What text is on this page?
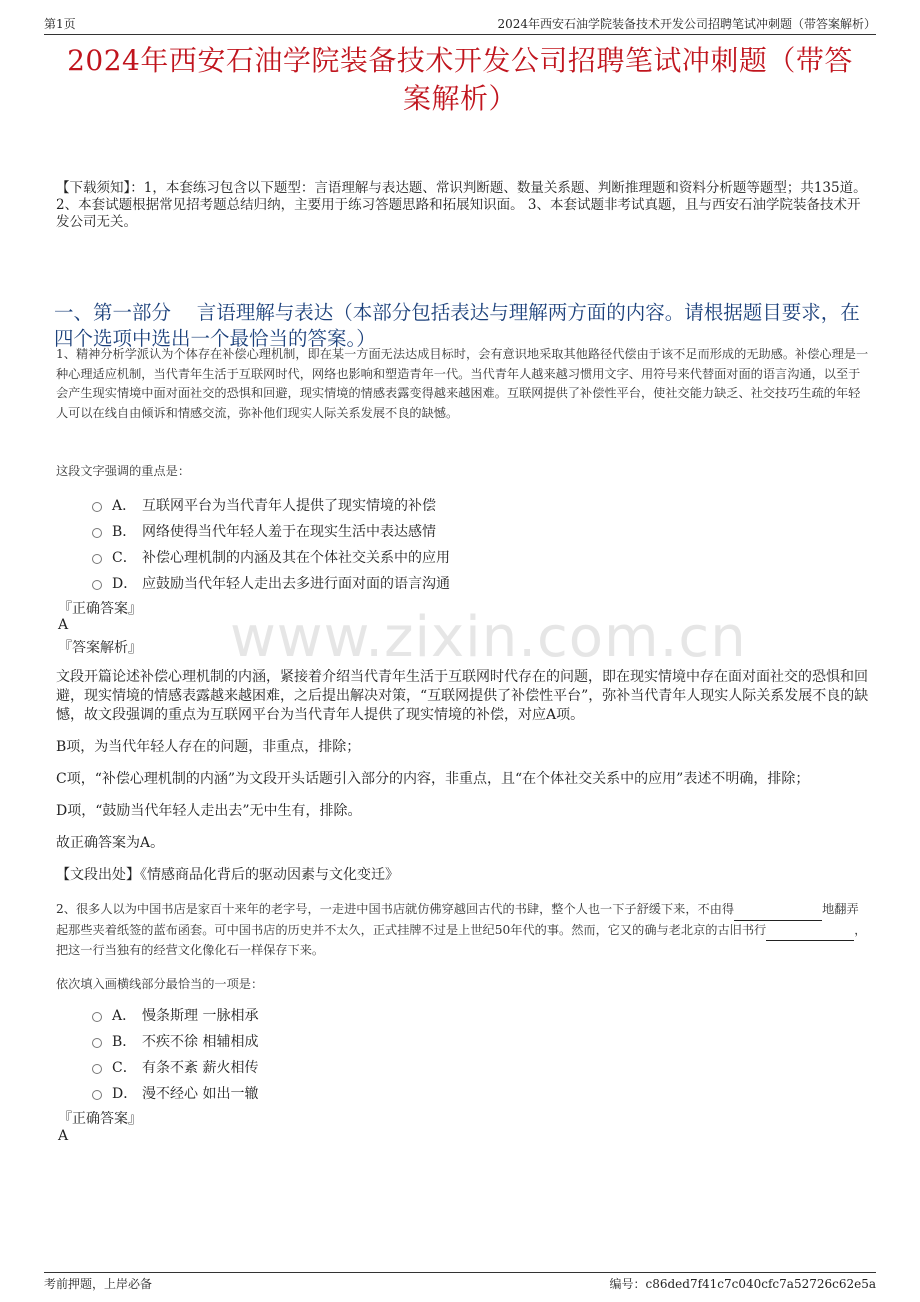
第1页	2024年西安石油学院装备技术开发公司招聘笔试冲刺题（带答案解析）
2024年西安石油学院装备技术开发公司招聘笔试冲刺题（带答
案解析）
【下载须知】：1，本套练习包含以下题型：言语理解与表达题、常识判断题、数量关系题、判断推理题和资料分析题等题型；共135道。 2、本套试题根据常见招考题总结归纳，主要用于练习答题思路和拓展知识面。 3、本套试题非考试真题，且与西安石油学院装备技术开发公司无关。
一、第一部分　 言语理解与表达（本部分包括表达与理解两方面的内容。请根据题目要求，在四个选项中选出一个最恰当的答案。）
1、精神分析学派认为个体存在补偿心理机制，即在某一方面无法达成目标时，会有意识地采取其他路径代偿由于该不足而形成的无助感。补偿心理是一种心理适应机制，当代青年生活于互联网时代，网络也影响和塑造青年一代。当代青年人越来越习惯用文字、用符号来代替面对面的语言沟通，以至于会产生现实情境中面对面社交的恐惧和回避，现实情境的情感表露变得越来越困难。互联网提供了补偿性平台，使社交能力缺乏、社交技巧生疏的年轻人可以在线自由倾诉和情感交流，弥补他们现实人际关系发展不良的缺憾。
这段文字强调的重点是：
A． 互联网平台为当代青年人提供了现实情境的补偿
B． 网络使得当代年轻人羞于在现实生活中表达感情
C． 补偿心理机制的内涵及其在个体社交关系中的应用
D． 应鼓励当代年轻人走出去多进行面对面的语言沟通
『正确答案』
A
『答案解析』 www.zixin.com.cn
文段开篇论述补偿心理机制的内涵，紧接着介绍当代青年生活于互联网时代存在的问题，即在现实情境中存在面对面社交的恐惧和回避，现实情境的情感表露越来越困难，之后提出解决对策，“互联网提供了补偿性平台”，弥补当代青年人现实人际关系发展不良的缺憾，故文段强调的重点为互联网平台为当代青年人提供了现实情境的补偿，对应A项。
B项，为当代年轻人存在的问题，非重点，排除；
C项，“补偿心理机制的内涵”为文段开头话题引入部分的内容，非重点，且“在个体社交关系中的应用”表述不明确，排除；
D项，“鼓励当代年轻人走出去”无中生有，排除。
故正确答案为A。
【文段出处】《情感商品化背后的驱动因素与文化变迁》
2、很多人以为中国书店是家百十来年的老字号，一走进中国书店就仿佛穿越回古代的书肆，整个人也一下子舒缓下来，不由得	地翻弄起那些夹着纸签的蓝布函套。可中国书店的历史并不太久，正式挂牌不过是上世纪50年代的事。然而，它又的确与老北京的古旧书行	，把这一行当独有的经营文化像化石一样保存下来。
依次填入画横线部分最恰当的一项是：
A． 慢条斯理 一脉相承
B． 不疾不徐 相辅相成
C． 有条不紊 薪火相传
D． 漫不经心 如出一辙
『正确答案』
A
考前押题，上岸必备	编号：c86ded7f41c7c040cfc7a52726c62e5a
